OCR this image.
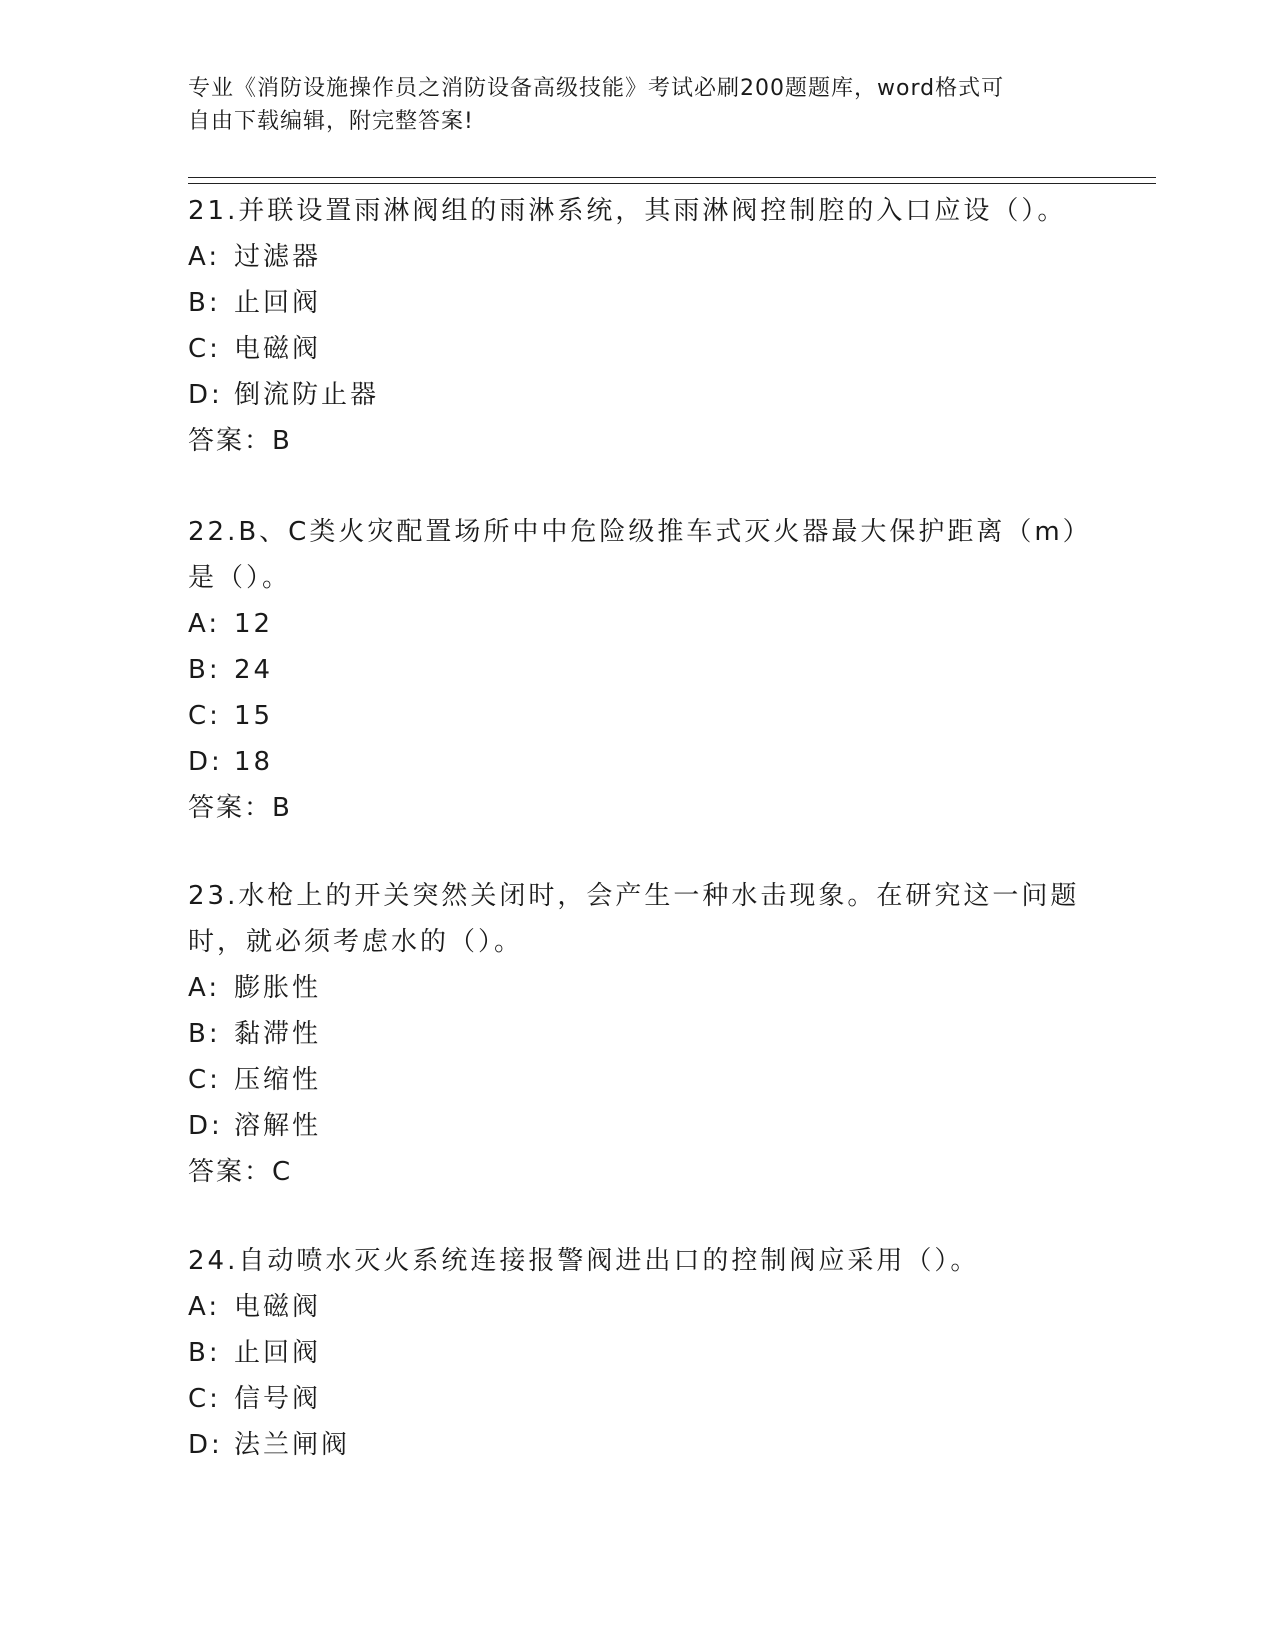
专业《消防设施操作员之消防设备高级技能》考试必刷200题题库，word格式可
自由下载编辑，附完整答案!

21.并联设置雨淋阀组的雨淋系统，其雨淋阀控制腔的入口应设（）。

A: 过滤器

B: 止回阀

C: 电磁阀

D: 倒流防止器

答案：B

22.B、C类火灾配置场所中中危险级推车式灭火器最大保护距离（m）

是（）。

A: 12

B: 24

C: 15

D: 18

答案：B

23.水枪上的开关突然关闭时，会产生一种水击现象。在研究这一问题

时，就必须考虑水的（）。

A: 膨胀性

B: 黏滞性

C: 压缩性

D: 溶解性

答案：C

24.自动喷水灭火系统连接报警阀进出口的控制阀应采用（）。

A: 电磁阀

B: 止回阀

C: 信号阀

D: 法兰闸阀
